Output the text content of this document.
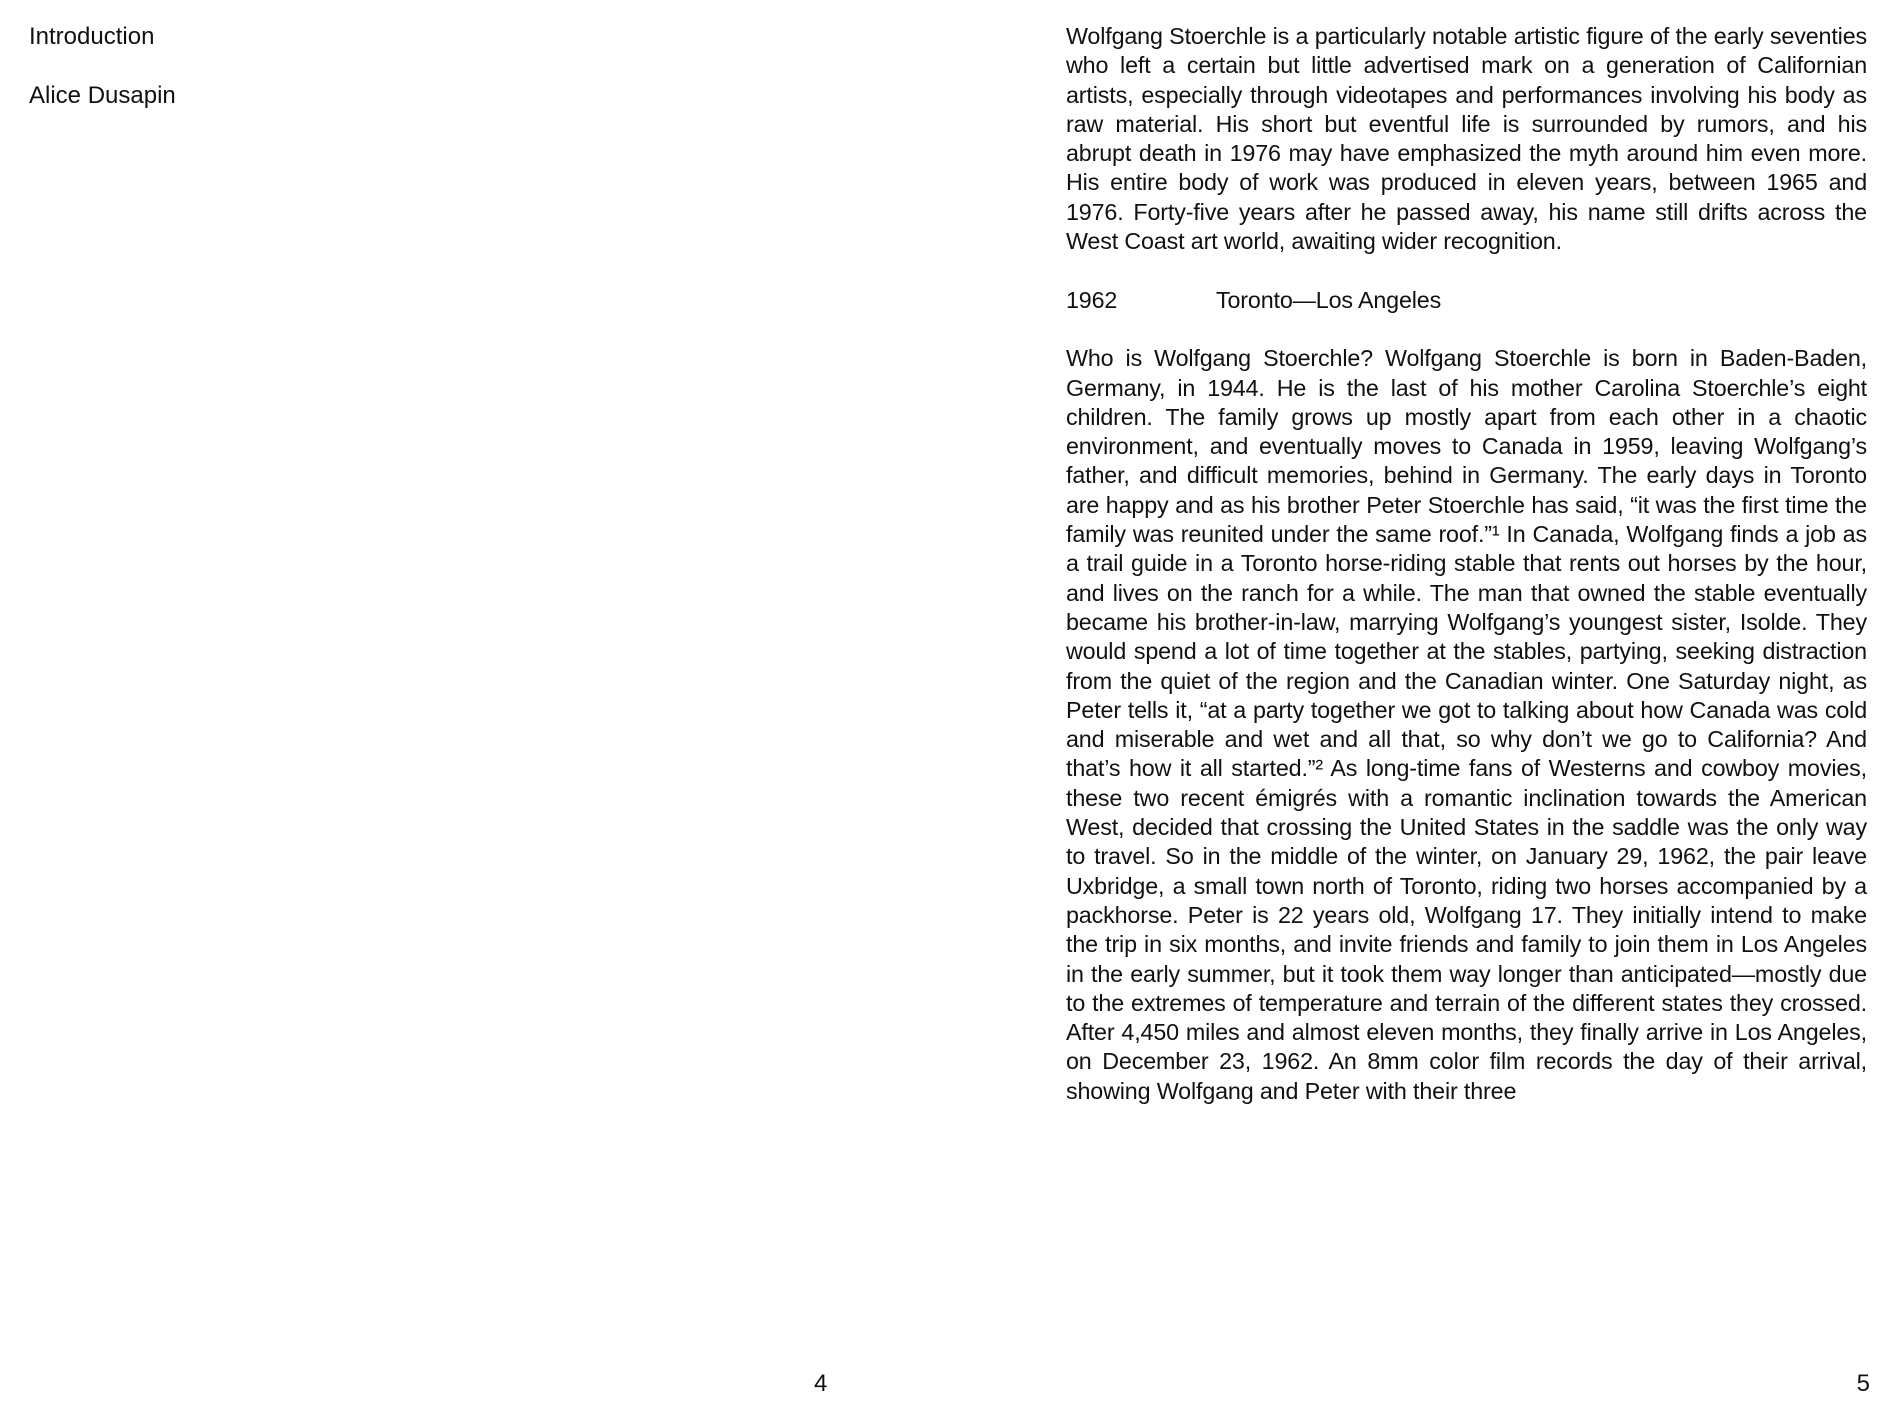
Introduction
Alice Dusapin
4

Wolfgang Stoerchle is a particularly notable artistic figure of the early seventies who left a certain but little advertised mark on a generation of Californian artists, especially through videotapes and performances involving his body as raw material. His short but eventful life is surrounded by rumors, and his abrupt death in 1976 may have emphasized the myth around him even more. His entire body of work was produced in eleven years, between 1965 and 1976. Forty-five years after he passed away, his name still drifts across the West Coast art world, awaiting wider recognition.

1962	Toronto—Los Angeles

Who is Wolfgang Stoerchle? Wolfgang Stoerchle is born in Baden-Baden, Germany, in 1944. He is the last of his mother Carolina Stoerchle’s eight children. The family grows up mostly apart from each other in a chaotic environment, and eventually moves to Canada in 1959, leaving Wolfgang’s father, and difficult memories, behind in Germany. The early days in Toronto are happy and as his brother Peter Stoerchle has said, “it was the first time the family was reunited under the same roof.”¹ In Canada, Wolfgang finds a job as a trail guide in a Toronto horse-riding stable that rents out horses by the hour, and lives on the ranch for a while. The man that owned the stable eventually became his brother-in-law, marrying Wolfgang’s youngest sister, Isolde. They would spend a lot of time together at the stables, partying, seeking distraction from the quiet of the region and the Canadian winter. One Saturday night, as Peter tells it, “at a party together we got to talking about how Canada was cold and miserable and wet and all that, so why don’t we go to California? And that’s how it all started.”² As long-time fans of Westerns and cowboy movies, these two recent émigrés with a romantic inclination towards the American West, decided that crossing the United States in the saddle was the only way to travel. So in the middle of the winter, on January 29, 1962, the pair leave Uxbridge, a small town north of Toronto, riding two horses accompanied by a packhorse. Peter is 22 years old, Wolfgang 17. They initially intend to make the trip in six months, and invite friends and family to join them in Los Angeles in the early summer, but it took them way longer than anticipated—mostly due to the extremes of temperature and terrain of the different states they crossed. After 4,450 miles and almost eleven months, they finally arrive in Los Angeles, on December 23, 1962. An 8mm color film records the day of their arrival, showing Wolfgang and Peter with their three

5
